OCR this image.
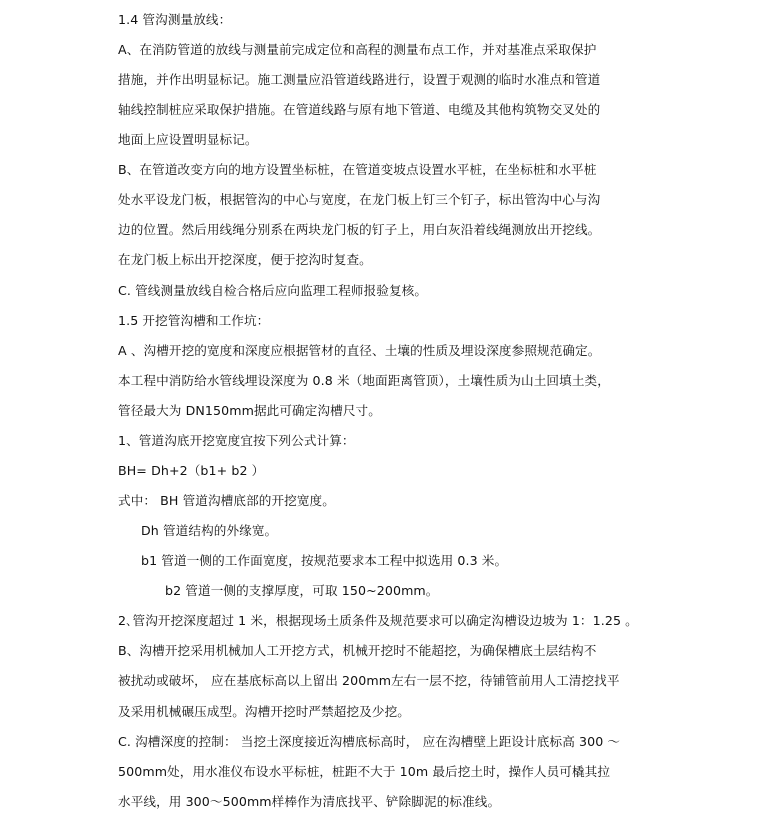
1.4 管沟测量放线：
A、在消防管道的放线与测量前完成定位和高程的测量布点工作，并对基准点采取保护
措施，并作出明显标记。施工测量应沿管道线路进行，设置于观测的临时水准点和管道
轴线控制桩应采取保护措施。在管道线路与原有地下管道、电缆及其他构筑物交叉处的
地面上应设置明显标记。
B、在管道改变方向的地方设置坐标桩，在管道变坡点设置水平桩，在坐标桩和水平桩
处水平设龙门板，根据管沟的中心与宽度，在龙门板上钉三个钉子，标出管沟中心与沟
边的位置。然后用线绳分别系在两块龙门板的钉子上，用白灰沿着线绳测放出开挖线。
在龙门板上标出开挖深度，便于挖沟时复查。
C. 管线测量放线自检合格后应向监理工程师报验复核。
1.5 开挖管沟槽和工作坑：
A 、沟槽开挖的宽度和深度应根据管材的直径、土壤的性质及埋设深度参照规范确定。
本工程中消防给水管线埋设深度为 0.8 米（地面距离管顶），土壤性质为山土回填土类，
管径最大为 DN150mm据此可确定沟槽尺寸。
1、管道沟底开挖宽度宜按下列公式计算：
BH= Dh+2（b1+ b2 ）
式中： BH 管道沟槽底部的开挖宽度。
Dh 管道结构的外缘宽。
b1 管道一侧的工作面宽度，按规范要求本工程中拟选用 0.3 米。
b2 管道一侧的支撑厚度，可取 150~200mm。
2､管沟开挖深度超过 1 米，根据现场土质条件及规范要求可以确定沟槽设边坡为 1：1.25 。
B、沟槽开挖采用机械加人工开挖方式，机械开挖时不能超挖，为确保槽底土层结构不
被扰动或破坏， 应在基底标高以上留出 200mm左右一层不挖，待铺管前用人工清挖找平
及采用机械碾压成型。沟槽开挖时严禁超挖及少挖。
C. 沟槽深度的控制： 当挖土深度接近沟槽底标高时， 应在沟槽壁上距设计底标高 300 ～
500mm处，用水准仪布设水平标桩，桩距不大于 10m 最后挖土时，操作人员可橇其拉
水平线，用 300～500mm样棒作为清底找平、铲除脚泥的标准线。
